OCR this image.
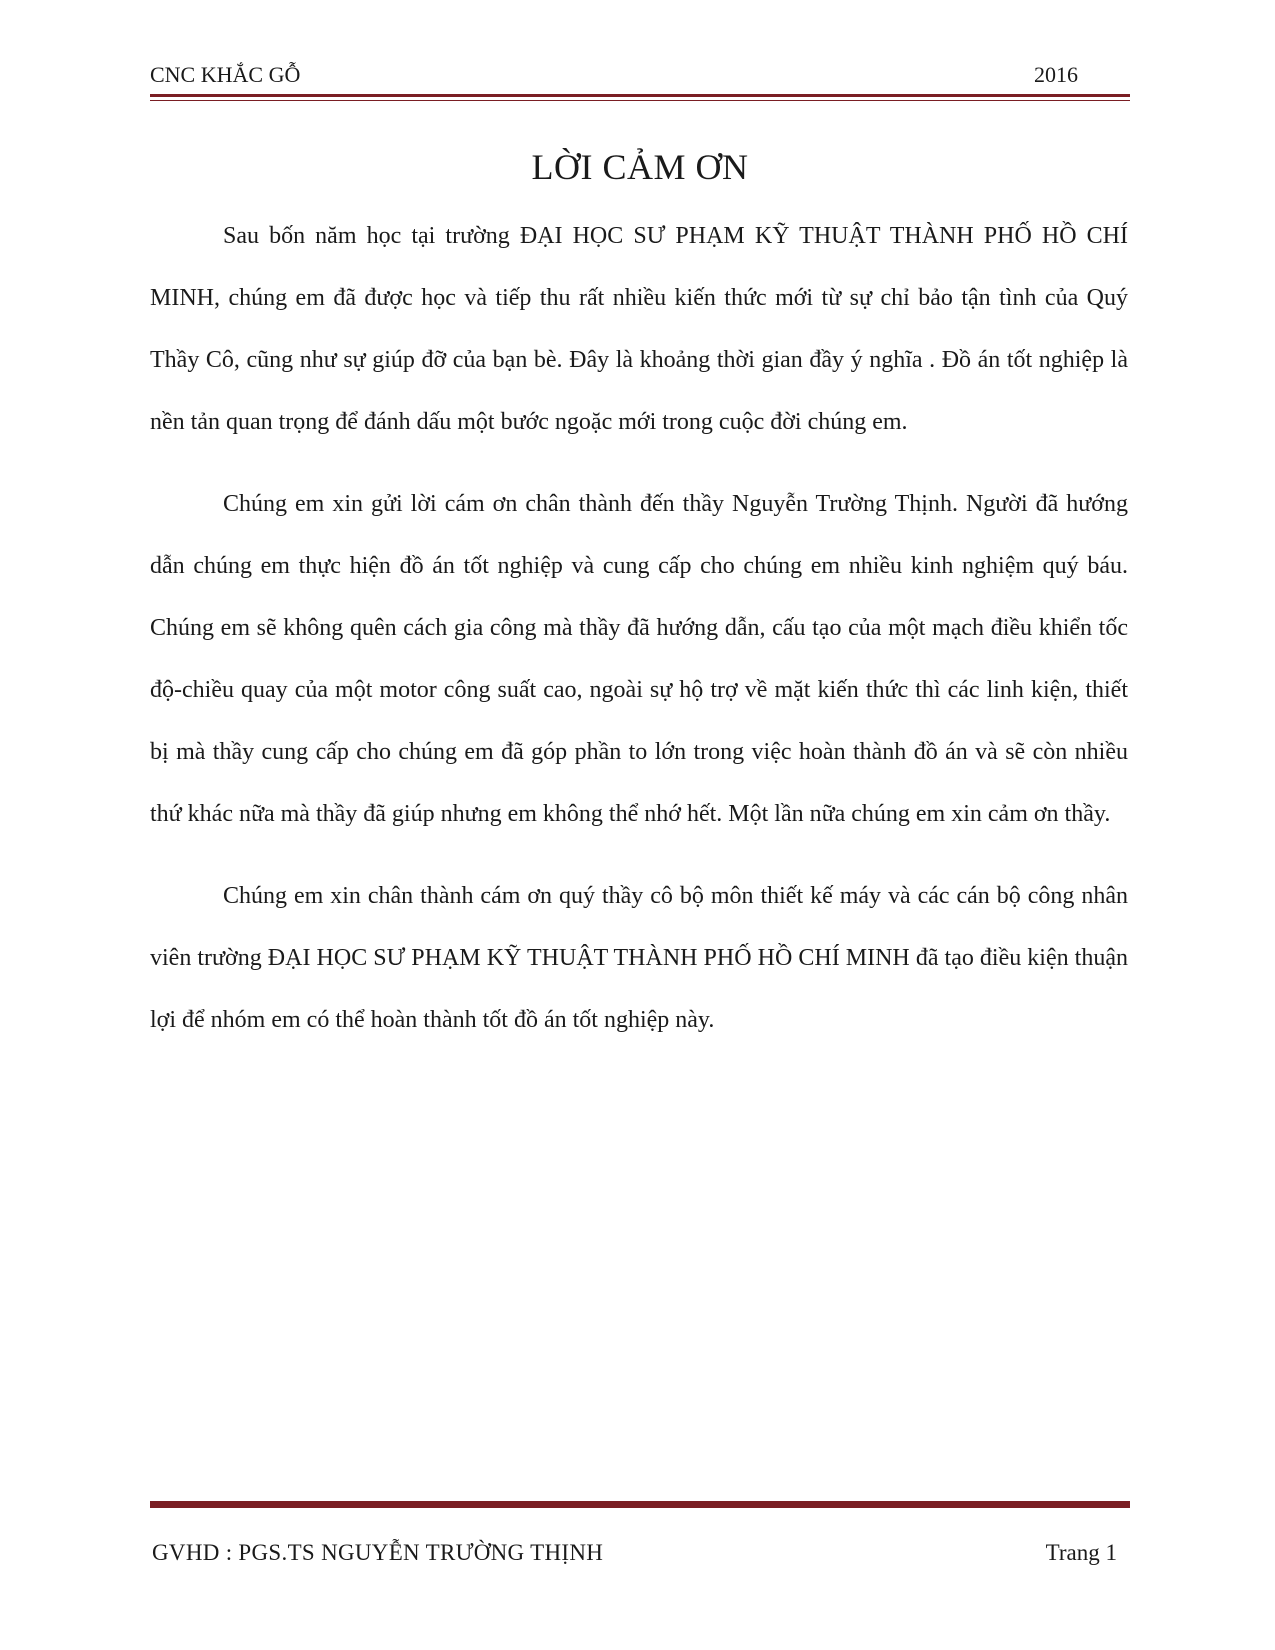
CNC KHẮC GỖ	2016
LỜI CẢM ƠN

Sau bốn năm học tại trường ĐẠI HỌC SƯ PHẠM KỸ THUẬT THÀNH PHỐ HỒ CHÍ MINH, chúng em đã được học và tiếp thu rất nhiều kiến thức mới từ sự chỉ bảo tận tình của Quý Thầy Cô, cũng như sự giúp đỡ của bạn bè. Đây là khoảng thời gian đầy ý nghĩa . Đồ án tốt nghiệp là nền tản quan trọng để đánh dấu một bước ngoặc mới trong cuộc đời chúng em.

Chúng em xin gửi lời cám ơn chân thành đến thầy Nguyễn Trường Thịnh. Người đã hướng dẫn chúng em thực hiện đồ án tốt nghiệp và cung cấp cho chúng em nhiều kinh nghiệm quý báu. Chúng em sẽ không quên cách gia công mà thầy đã hướng dẫn, cấu tạo của một mạch điều khiển tốc độ-chiều quay của một motor công suất cao, ngoài sự hộ trợ về mặt kiến thức thì các linh kiện, thiết bị mà thầy cung cấp cho chúng em đã góp phần to lớn trong việc hoàn thành đồ án và sẽ còn nhiều thứ khác nữa mà thầy đã giúp nhưng em không thể nhớ hết. Một lần nữa chúng em xin cảm ơn thầy.

Chúng em xin chân thành cám ơn quý thầy cô bộ môn thiết kế máy và các cán bộ công nhân viên trường ĐẠI HỌC SƯ PHẠM KỸ THUẬT THÀNH PHỐ HỒ CHÍ MINH đã tạo điều kiện thuận lợi để nhóm em có thể hoàn thành tốt đồ án tốt nghiệp này.

GVHD : PGS.TS NGUYỄN TRƯỜNG THỊNH	Trang 1
